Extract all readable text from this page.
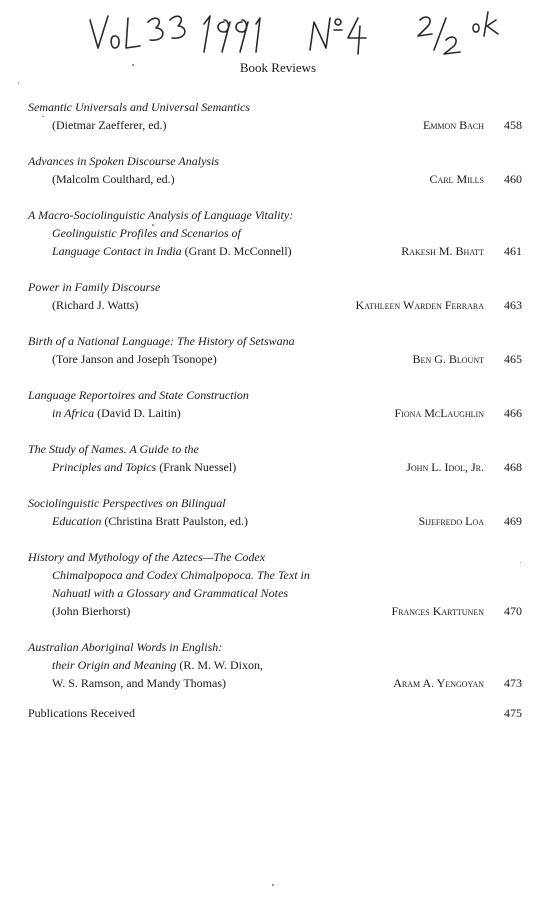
Book Reviews
Semantic Universals and Universal Semantics
(Dietmar Zaefferer, ed.)	Emmon Bach 458
Advances in Spoken Discourse Analysis
(Malcolm Coulthard, ed.)	Carl Mills 460
A Macro-Sociolinguistic Analysis of Language Vitality:
Geolinguistic Profiles and Scenarios of
Language Contact in India (Grant D. McConnell)	Rakesh M. Bhatt 461
Power in Family Discourse
(Richard J. Watts)	Kathleen Warden Ferrara 463
Birth of a National Language: The History of Setswana
(Tore Janson and Joseph Tsonope)	Ben G. Blount 465
Language Reportoires and State Construction
in Africa (David D. Laitin)	Fiona McLaughlin 466
The Study of Names. A Guide to the
Principles and Topics (Frank Nuessel)	John L. Idol, Jr. 468
Sociolinguistic Perspectives on Bilingual
Education (Christina Bratt Paulston, ed.)	Sijefredo Loa 469
History and Mythology of the Aztecs—The Codex
Chimalpopoca and Codex Chimalpopoca. The Text in
Nahuatl with a Glossary and Grammatical Notes
(John Bierhorst)	Frances Karttunen 470
Australian Aboriginal Words in English:
their Origin and Meaning (R. M. W. Dixon,
W. S. Ramson, and Mandy Thomas)	Aram A. Yengoyan 473
Publications Received	475
